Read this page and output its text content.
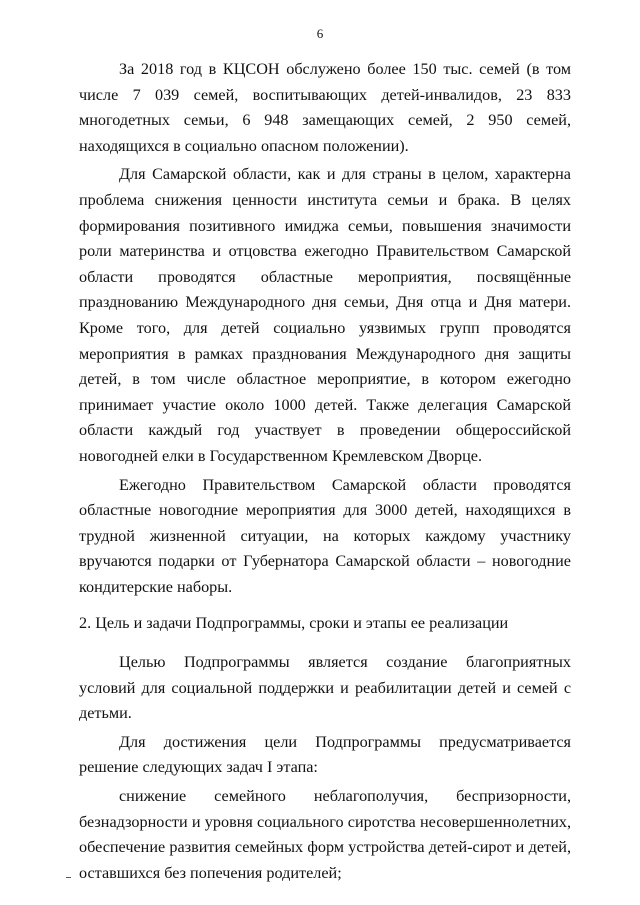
6

За 2018 год в КЦСОН обслужено более 150 тыс. семей (в том числе 7 039 семей, воспитывающих детей-инвалидов, 23 833 многодетных семьи, 6 948 замещающих семей, 2 950 семей, находящихся в социально опасном положении).

Для Самарской области, как и для страны в целом, характерна проблема снижения ценности института семьи и брака. В целях формирования позитивного имиджа семьи, повышения значимости роли материнства и отцовства ежегодно Правительством Самарской области проводятся областные мероприятия, посвящённые празднованию Международного дня семьи, Дня отца и Дня матери. Кроме того, для детей социально уязвимых групп проводятся мероприятия в рамках празднования Международного дня защиты детей, в том числе областное мероприятие, в котором ежегодно принимает участие около 1000 детей. Также делегация Самарской области каждый год участвует в проведении общероссийской новогодней елки в Государственном Кремлевском Дворце.

Ежегодно Правительством Самарской области проводятся областные новогодние мероприятия для 3000 детей, находящихся в трудной жизненной ситуации, на которых каждому участнику вручаются подарки от Губернатора Самарской области – новогодние кондитерские наборы.

2. Цель и задачи Подпрограммы, сроки и этапы ее реализации

Целью Подпрограммы является создание благоприятных условий для социальной поддержки и реабилитации детей и семей с детьми.

Для достижения цели Подпрограммы предусматривается решение следующих задач I этапа:

снижение семейного неблагополучия, беспризорности, безнадзорности и уровня социального сиротства несовершеннолетних, обеспечение развития семейных форм устройства детей-сирот и детей, оставшихся без попечения родителей;
